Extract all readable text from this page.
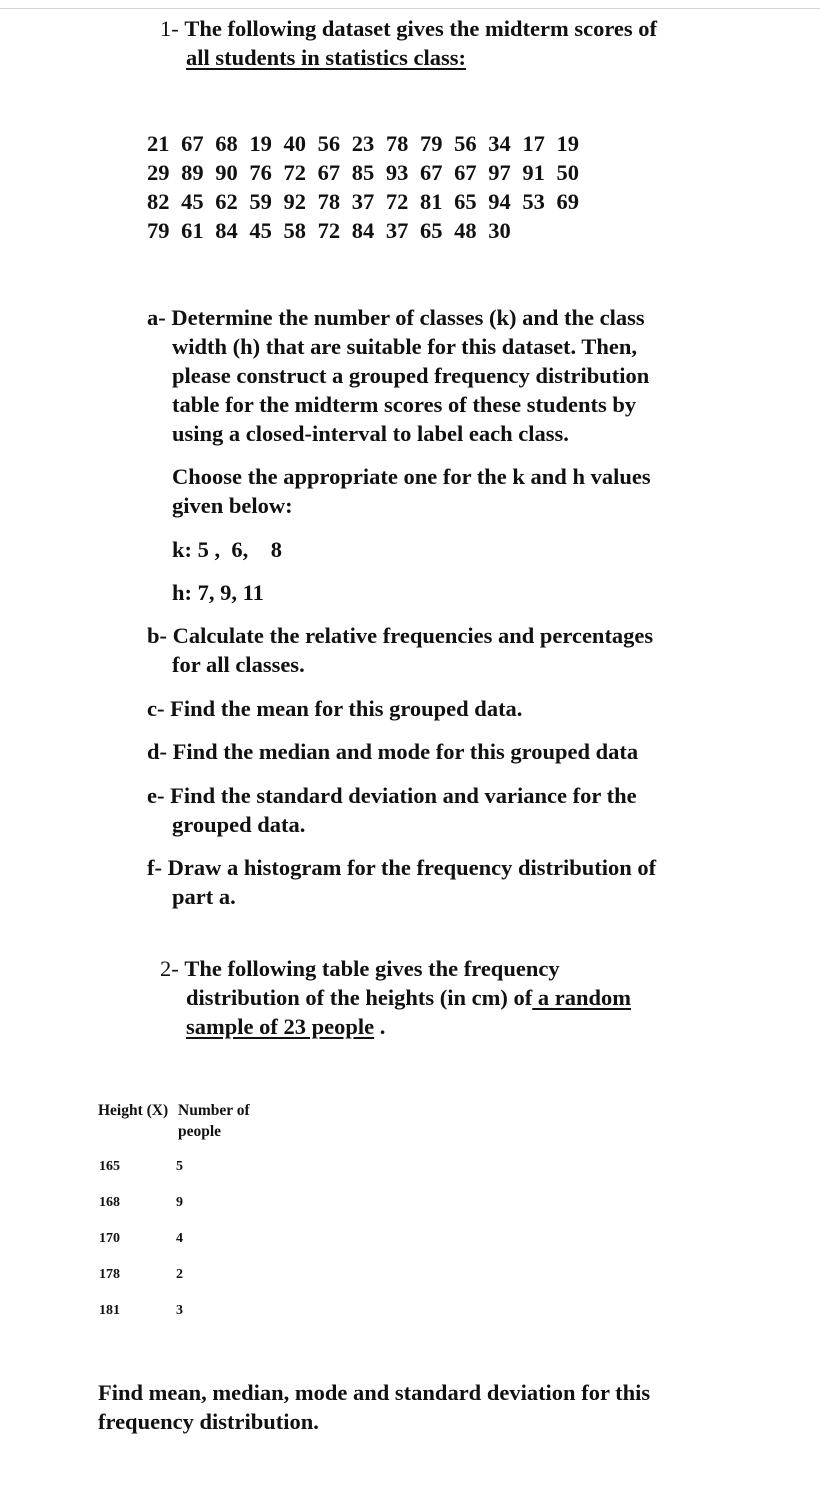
1- The following dataset gives the midterm scores of
all students in statistics class:
21 67 68 19 40 56 23 78 79 56 34 17 19
29 89 90 76 72 67 85 93 67 67 97 91 50
82 45 62 59 92 78 37 72 81 65 94 53 69
79 61 84 45 58 72 84 37 65 48 30
a- Determine the number of classes (k) and the class
width (h) that are suitable for this dataset. Then,
please construct a grouped frequency distribution
table for the midterm scores of these students by
using a closed-interval to label each class.
Choose the appropriate one for the k and h values
given below:
k: 5 ,  6,    8
h: 7, 9, 11
b- Calculate the relative frequencies and percentages
for all classes.
c- Find the mean for this grouped data.
d- Find the median and mode for this grouped data
e- Find the standard deviation and variance for the
grouped data.
f- Draw a histogram for the frequency distribution of
part a.
2- The following table gives the frequency
distribution of the heights (in cm) of a random
sample of 23 people .
Height (X) Number of
people
165	5
168	9
170	4
178	2
181	3
Find mean, median, mode and standard deviation for this
frequency distribution.
